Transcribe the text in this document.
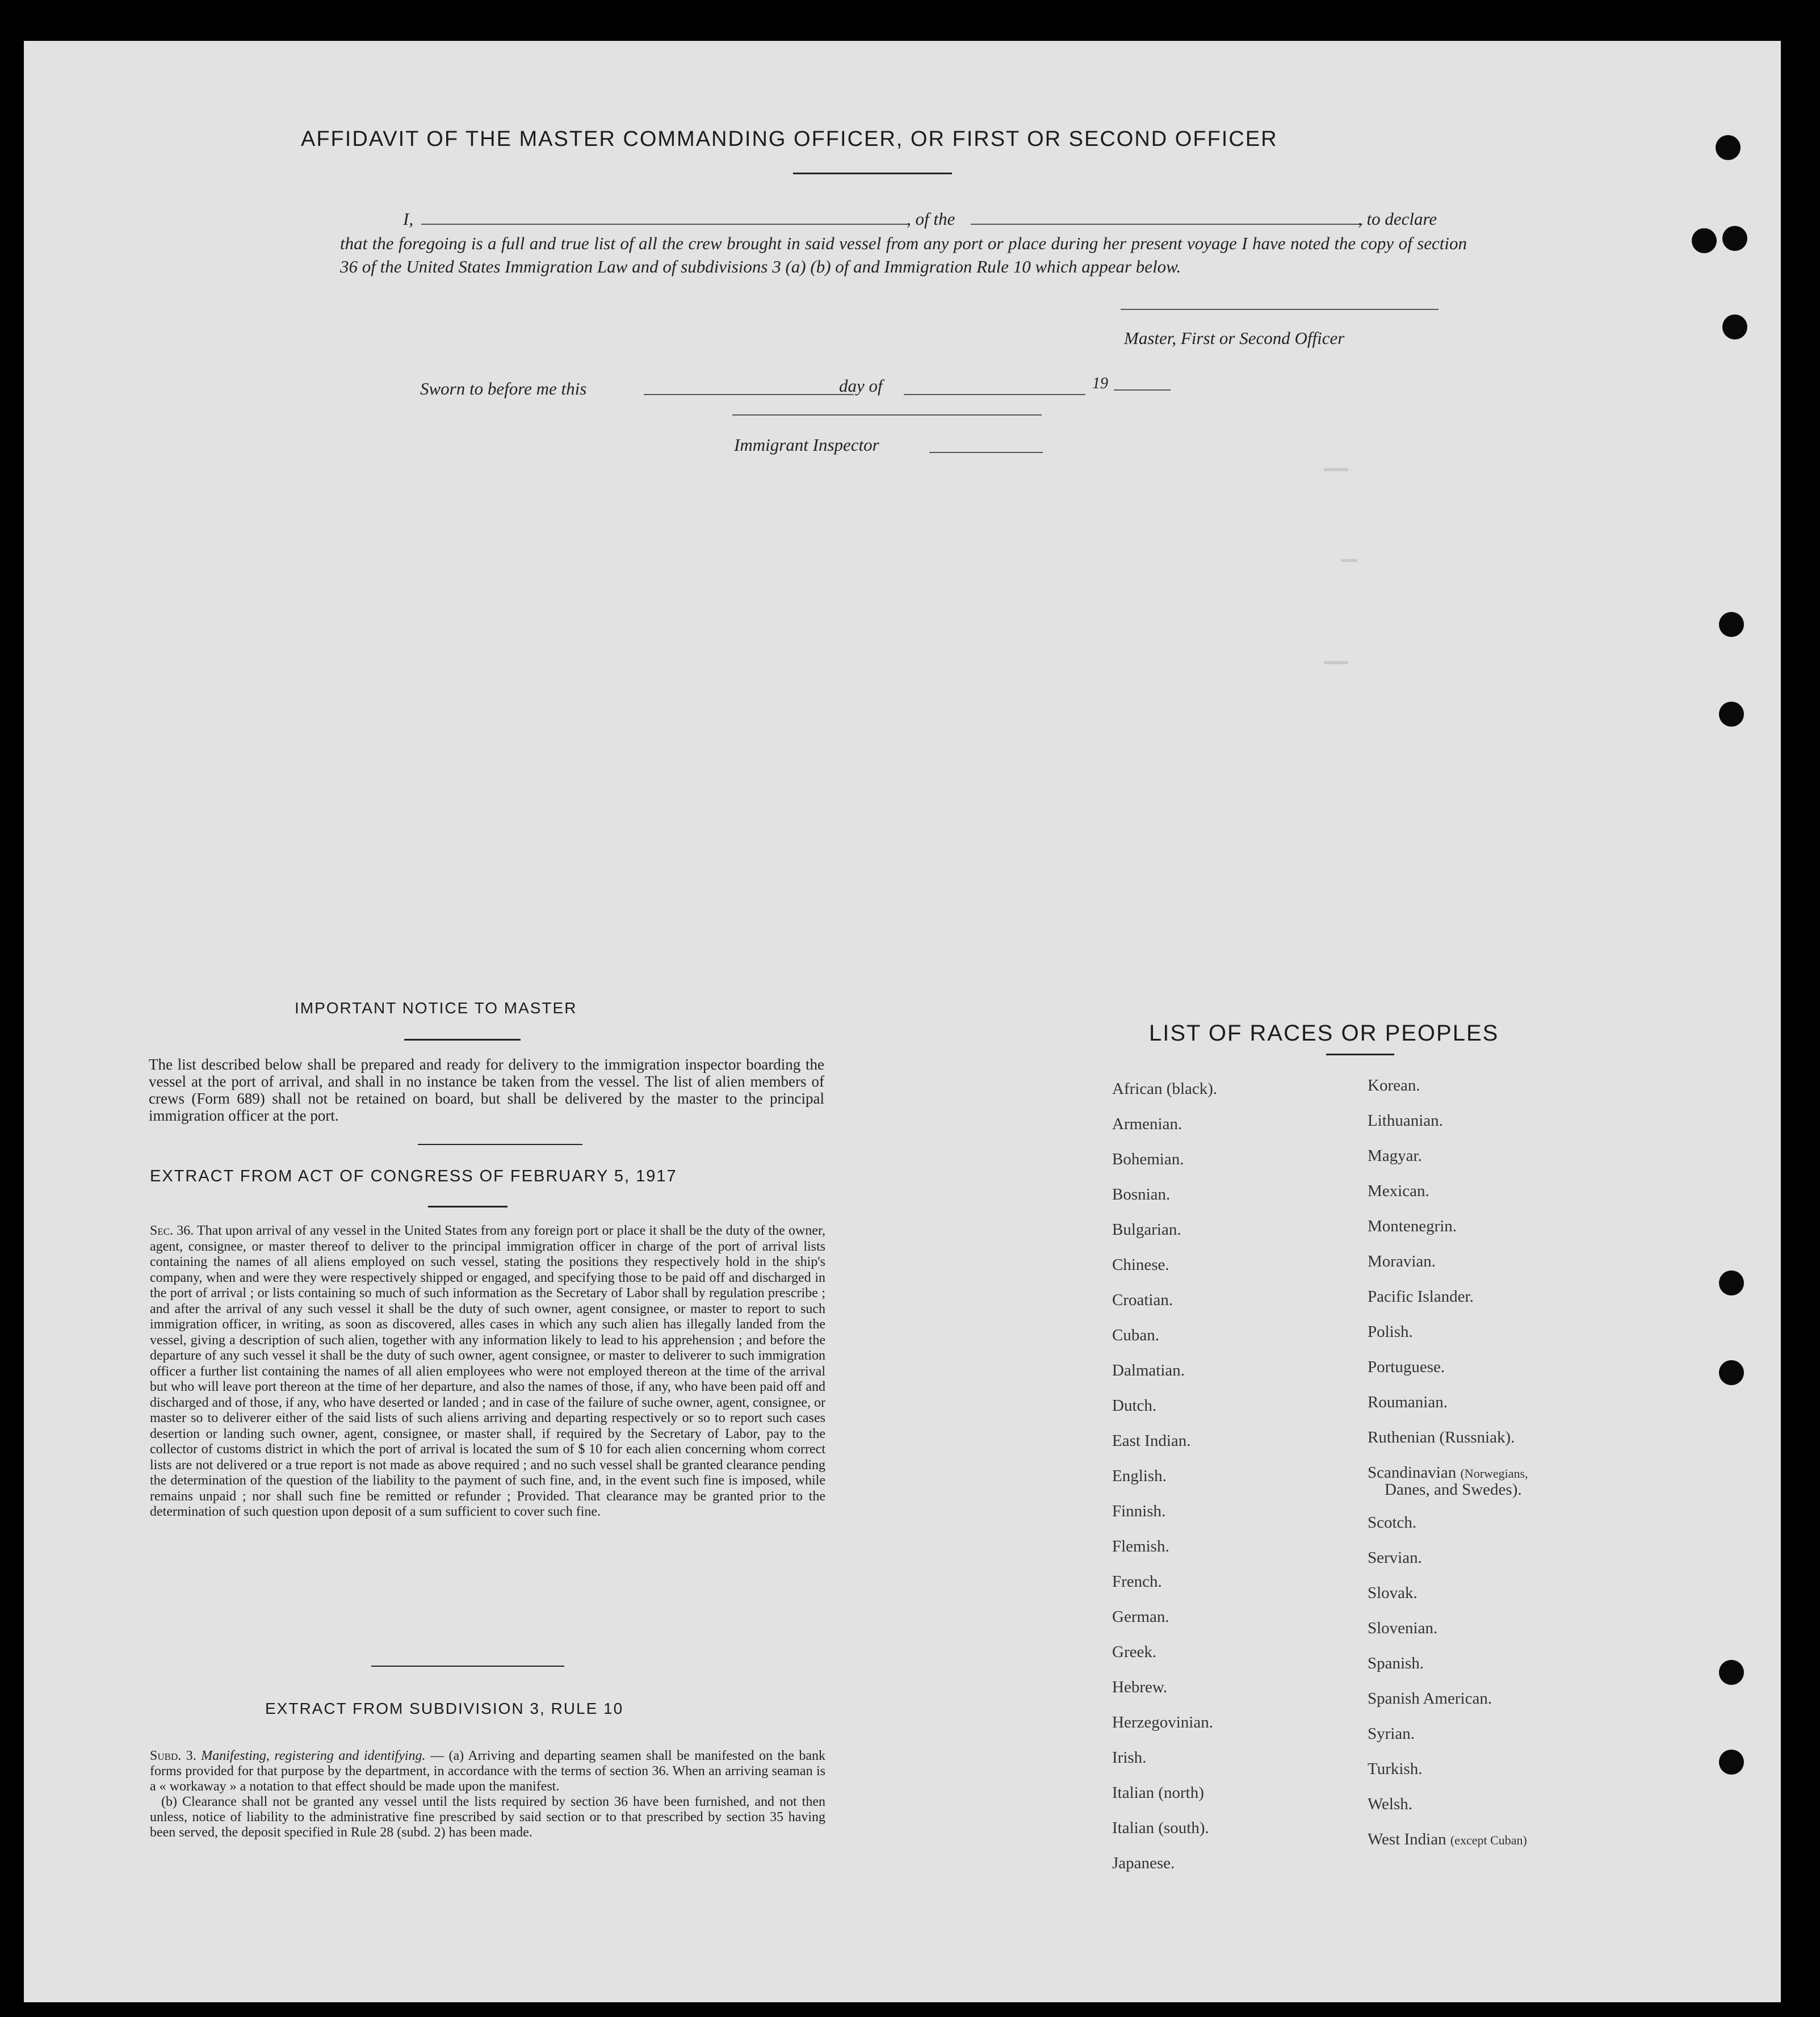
▬▬▬
▬▬
▬▬▬
AFFIDAVIT OF THE MASTER COMMANDING OFFICER, OR FIRST OR SECOND OFFICER
I,	, of the	, to declare
that the foregoing is a full and true list of all the crew brought in said vessel from any port or place during her present voyage I have noted the copy of section 36 of the United States Immigration Law and of subdivisions 3 (a) (b) of and Immigration Rule 10 which appear below.
Master, First or Second Officer
Sworn to before me this	day of	19
Immigrant Inspector
IMPORTANT NOTICE TO MASTER
The list described below shall be prepared and ready for delivery to the immigration inspector boarding the vessel at the port of arrival, and shall in no instance be taken from the vessel. The list of alien members of crews (Form 689) shall not be retained on board, but shall be delivered by the master to the principal immigration officer at the port.
EXTRACT FROM ACT OF CONGRESS OF FEBRUARY 5, 1917
Sec. 36. That upon arrival of any vessel in the United States from any foreign port or place it shall be the duty of the owner, agent, consignee, or master thereof to deliver to the principal immigration officer in charge of the port of arrival lists containing the names of all aliens employed on such vessel, stating the positions they respectively hold in the ship's company, when and were they were respectively shipped or engaged, and specifying those to be paid off and discharged in the port of arrival ; or lists containing so much of such information as the Secretary of Labor shall by regulation prescribe ; and after the arrival of any such vessel it shall be the duty of such owner, agent consignee, or master to report to such immigration officer, in writing, as soon as discovered, alles cases in which any such alien has illegally landed from the vessel, giving a description of such alien, together with any information likely to lead to his apprehension ; and before the departure of any such vessel it shall be the duty of such owner, agent consignee, or master to deliverer to such immigration officer a further list containing the names of all alien employees who were not employed thereon at the time of the arrival but who will leave port thereon at the time of her departure, and also the names of those, if any, who have been paid off and discharged and of those, if any, who have deserted or landed ; and in case of the failure of suche owner, agent, consignee, or master so to deliverer either of the said lists of such aliens arriving and departing respectively or so to report such cases desertion or landing such owner, agent, consignee, or master shall, if required by the Secretary of Labor, pay to the collector of customs district in which the port of arrival is located the sum of $ 10 for each alien concerning whom correct lists are not delivered or a true report is not made as above required ; and no such vessel shall be granted clearance pending the determination of the question of the liability to the payment of such fine, and, in the event such fine is imposed, while remains unpaid ; nor shall such fine be remitted or refunder ; Provided. That clearance may be granted prior to the determination of such question upon deposit of a sum sufficient to cover such fine.
EXTRACT FROM SUBDIVISION 3, RULE 10
Subd. 3. Manifesting, registering and identifying. — (a) Arriving and departing seamen shall be manifested on the bank forms provided for that purpose by the department, in accordance with the terms of section 36. When an arriving seaman is a « workaway » a notation to that effect should be made upon the manifest.
(b) Clearance shall not be granted any vessel until the lists required by section 36 have been furnished, and not then unless, notice of liability to the administrative fine prescribed by said section or to that prescribed by section 35 having been served, the deposit specified in Rule 28 (subd. 2) has been made.
LIST OF RACES OR PEOPLES
African (black).
Armenian.
Bohemian.
Bosnian.
Bulgarian.
Chinese.
Croatian.
Cuban.
Dalmatian.
Dutch.
East Indian.
English.
Finnish.
Flemish.
French.
German.
Greek.
Hebrew.
Herzegovinian.
Irish.
Italian (north)
Italian (south).
Japanese.
Korean.
Lithuanian.
Magyar.
Mexican.
Montenegrin.
Moravian.
Pacific Islander.
Polish.
Portuguese.
Roumanian.
Ruthenian (Russniak).
Scandinavian (Norwegians,
Danes, and Swedes).
Scotch.
Servian.
Slovak.
Slovenian.
Spanish.
Spanish American.
Syrian.
Turkish.
Welsh.
West Indian (except Cuban)
